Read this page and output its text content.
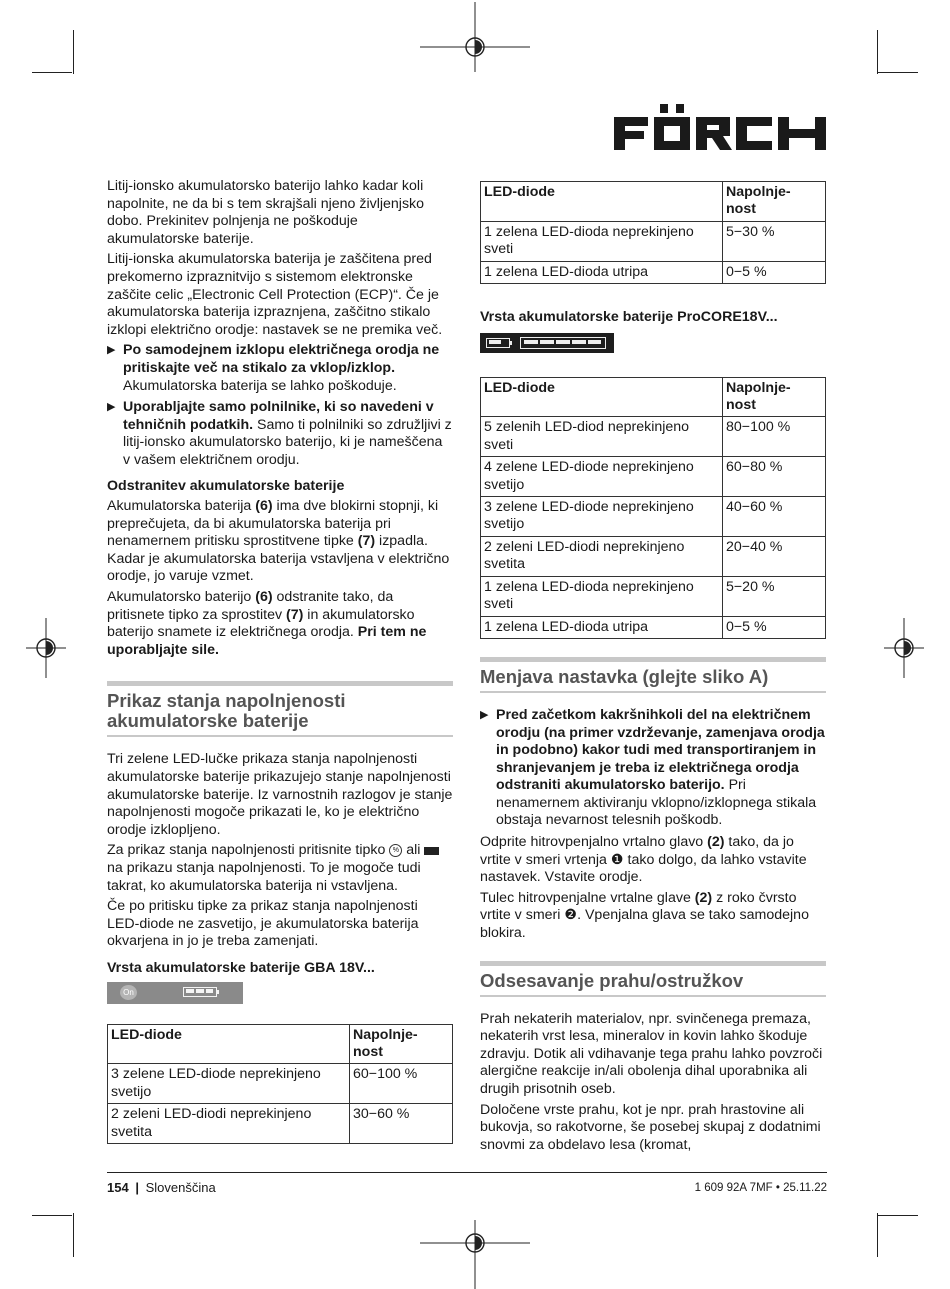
Litij-ionsko akumulatorsko baterijo lahko kadar koli napolnite, ne da bi s tem skrajšali njeno življenjsko dobo. Prekinitev polnjenja ne poškoduje akumulatorske baterije.

Litij-ionska akumulatorska baterija je zaščitena pred prekomerno izpraznitvijo s sistemom elektronske zaščite celic „Electronic Cell Protection (ECP)“. Če je akumulatorska baterija izpraznjena, zaščitno stikalo izklopi električno orodje: nastavek se ne premika več.

▶ Po samodejnem izklopu električnega orodja ne pritiskajte več na stikalo za vklop/izklop. Akumulatorska baterija se lahko poškoduje.
▶ Uporabljajte samo polnilnike, ki so navedeni v tehničnih podatkih. Samo ti polnilniki so združljivi z litij-ionsko akumulatorsko baterijo, ki je nameščena v vašem električnem orodju.

Odstranitev akumulatorske baterije

Akumulatorska baterija (6) ima dve blokirni stopnji, ki preprečujeta, da bi akumulatorska baterija pri nenamernem pritisku sprostitvene tipke (7) izpadla. Kadar je akumulatorska baterija vstavljena v električno orodje, jo varuje vzmet.

Akumulatorsko baterijo (6) odstranite tako, da pritisnete tipko za sprostitev (7) in akumulatorsko baterijo snamete iz električnega orodja. Pri tem ne uporabljajte sile.

Prikaz stanja napolnjenosti akumulatorske baterije

Tri zelene LED-lučke prikaza stanja napolnjenosti akumulatorske baterije prikazujejo stanje napolnjenosti akumulatorske baterije. Iz varnostnih razlogov je stanje napolnjenosti mogoče prikazati le, ko je električno orodje izklopljeno.

Za prikaz stanja napolnjenosti pritisnite tipko % ali  na prikazu stanja napolnjenosti. To je mogoče tudi takrat, ko akumulatorska baterija ni vstavljena.

Če po pritisku tipke za prikaz stanja napolnjenosti LED-diode ne zasvetijo, je akumulatorska baterija okvarjena in jo je treba zamenjati.

Vrsta akumulatorske baterije GBA 18V...

On
LED-diode	Napolnje-
nost
3 zelene LED-diode neprekinjeno svetijo	60−100 %
2 zeleni LED-diodi neprekinjeno svetita	30−60 %
LED-diode	Napolnje-
nost
1 zelena LED-dioda neprekinjeno sveti	5−30 %
1 zelena LED-dioda utripa	0−5 %

Vrsta akumulatorske baterije ProCORE18V...

LED-diode	Napolnje-
nost
5 zelenih LED-diod neprekinjeno sveti	80−100 %
4 zelene LED-diode neprekinjeno svetijo	60−80 %
3 zelene LED-diode neprekinjeno svetijo	40−60 %
2 zeleni LED-diodi neprekinjeno svetita	20−40 %
1 zelena LED-dioda neprekinjeno sveti	5−20 %
1 zelena LED-dioda utripa	0−5 %
Menjava nastavka (glejte sliko A)
▶ Pred začetkom kakršnihkoli del na električnem orodju (na primer vzdrževanje, zamenjava orodja in podobno) kakor tudi med transportiranjem in shranjevanjem je treba iz električnega orodja odstraniti akumulatorsko baterijo. Pri nenamernem aktiviranju vklopno/izklopnega stikala obstaja nevarnost telesnih poškodb.

Odprite hitrovpenjalno vrtalno glavo (2) tako, da jo vrtite v smeri vrtenja ❶ tako dolgo, da lahko vstavite nastavek. Vstavite orodje.

Tulec hitrovpenjalne vrtalne glave (2) z roko čvrsto vrtite v smeri ❷. Vpenjalna glava se tako samodejno blokira.

Odsesavanje prahu/ostružkov

Prah nekaterih materialov, npr. svinčenega premaza, nekaterih vrst lesa, mineralov in kovin lahko škoduje zdravju. Dotik ali vdihavanje tega prahu lahko povzroči alergične reakcije in/ali obolenja dihal uporabnika ali drugih prisotnih oseb.

Določene vrste prahu, kot je npr. prah hrastovine ali bukovja, so rakotvorne, še posebej skupaj z dodatnimi snovmi za obdelavo lesa (kromat,

154 | Slovenščina	1 609 92A 7MF • 25.11.22
